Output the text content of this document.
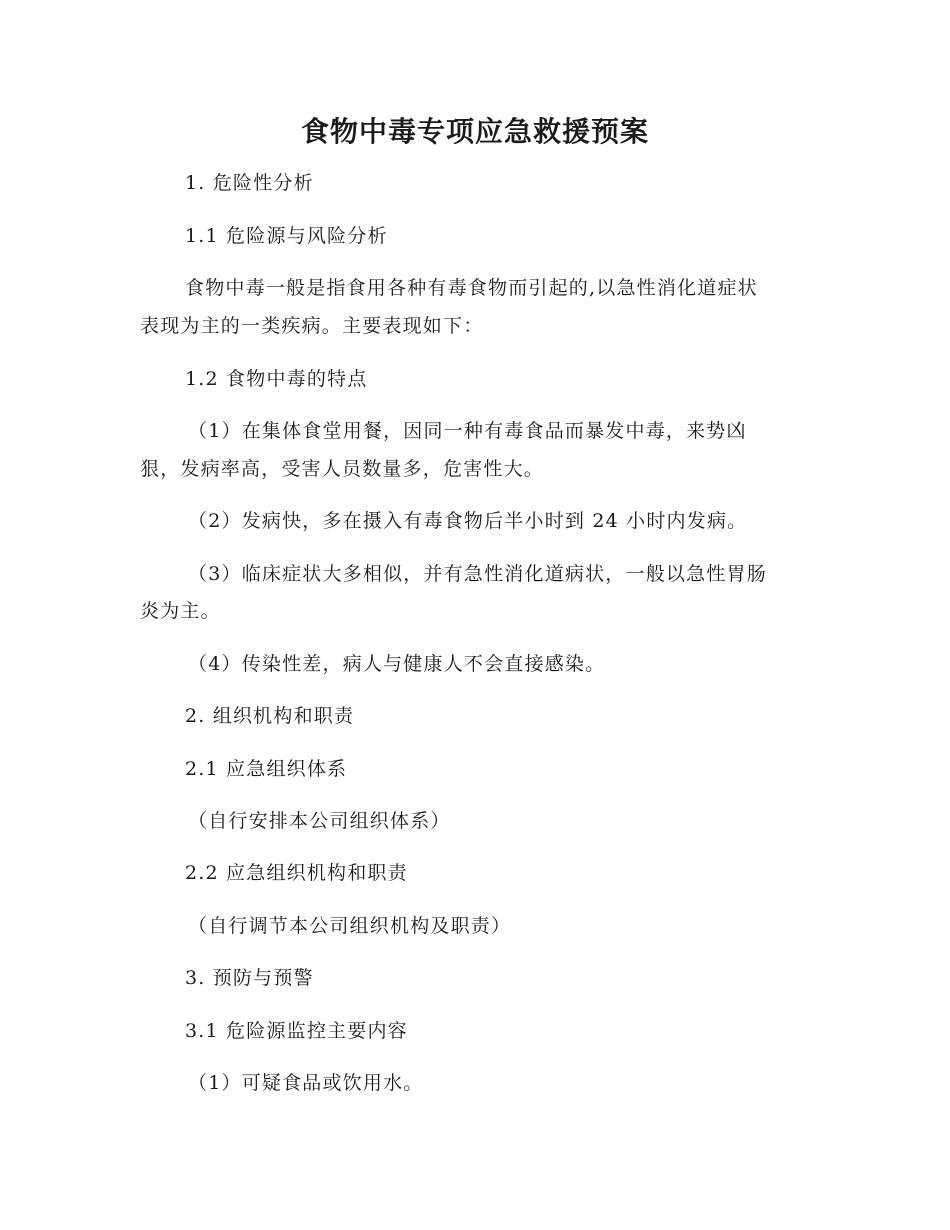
食物中毒专项应急救援预案
1. 危险性分析
1.1 危险源与风险分析
食物中毒一般是指食用各种有毒食物而引起的,以急性消化道症状
表现为主的一类疾病。主要表现如下：
1.2 食物中毒的特点
（1）在集体食堂用餐，因同一种有毒食品而暴发中毒，来势凶
狠，发病率高，受害人员数量多，危害性大。
（2）发病快，多在摄入有毒食物后半小时到 24 小时内发病。
（3）临床症状大多相似，并有急性消化道病状，一般以急性胃肠
炎为主。
（4）传染性差，病人与健康人不会直接感染。
2. 组织机构和职责
2.1 应急组织体系
（自行安排本公司组织体系）
2.2 应急组织机构和职责
（自行调节本公司组织机构及职责）
3. 预防与预警
3.1 危险源监控主要内容
（1）可疑食品或饮用水。
